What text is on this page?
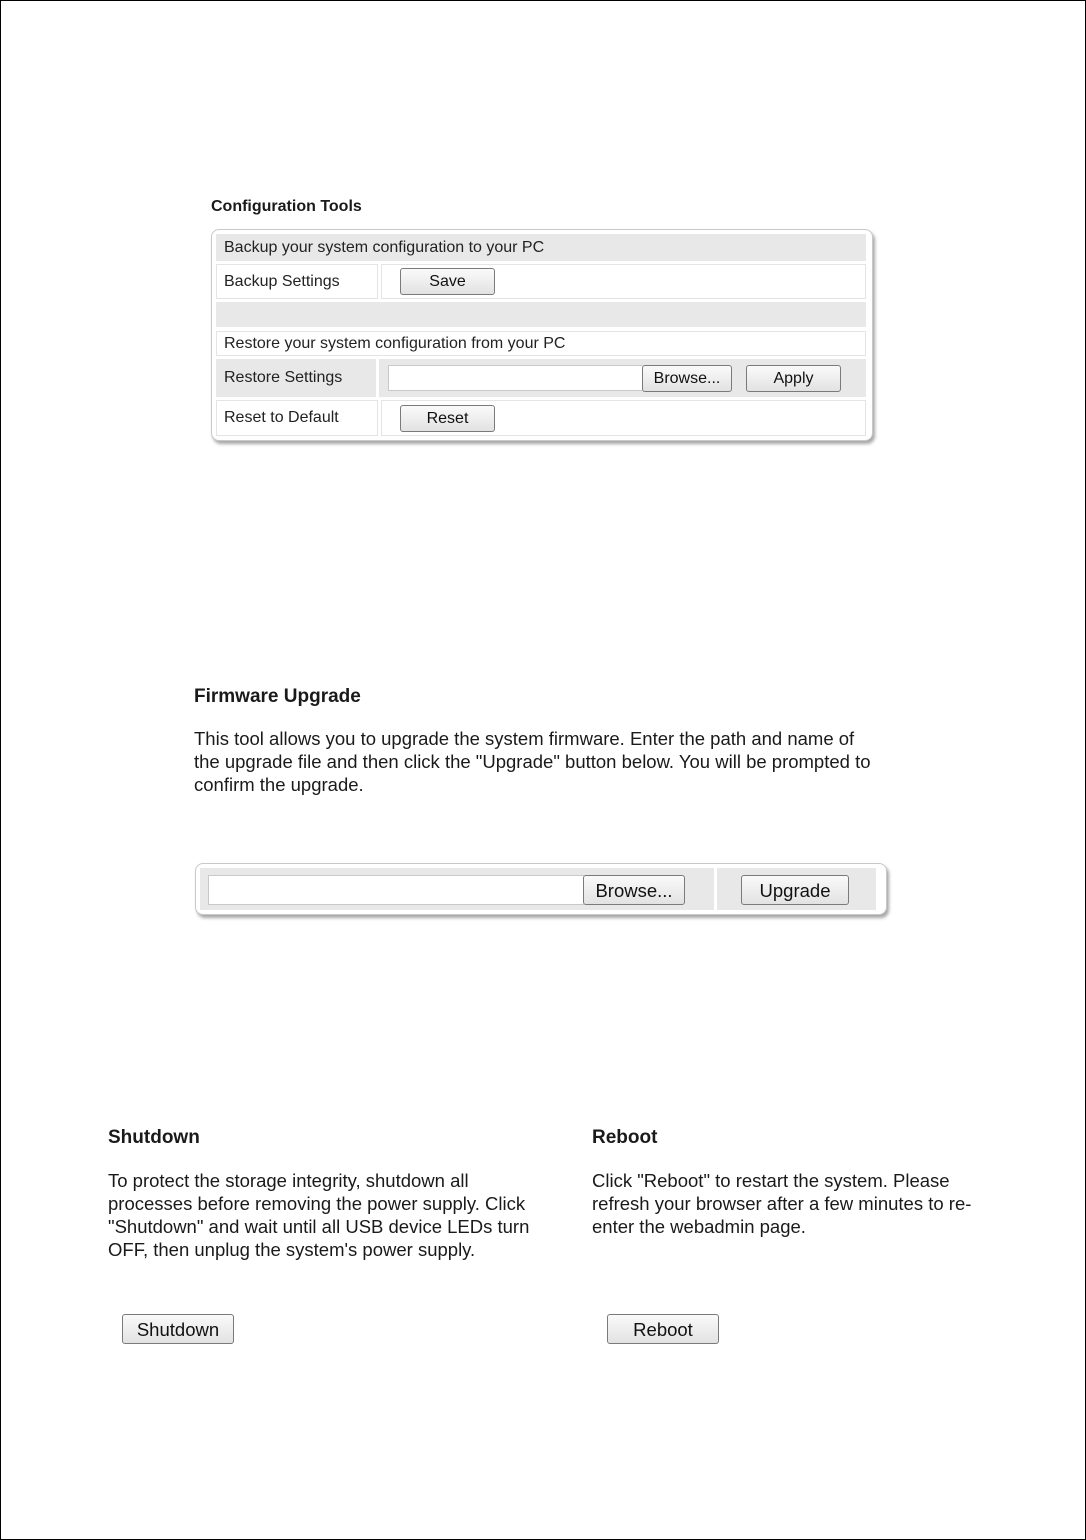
Configuration Tools
Backup your system configuration to your PC
Backup Settings	Save
Restore your system configuration from your PC
Restore Settings	Browse...	Apply
Reset to Default	Reset
Firmware Upgrade
This tool allows you to upgrade the system firmware. Enter the path and name of the upgrade file and then click the "Upgrade" button below. You will be prompted to confirm the upgrade.
Browse...	Upgrade
Shutdown
To protect the storage integrity, shutdown all processes before removing the power supply. Click "Shutdown" and wait until all USB device LEDs turn OFF, then unplug the system's power supply.
Shutdown
Reboot
Click "Reboot" to restart the system. Please refresh your browser after a few minutes to re-enter the webadmin page.
Reboot
